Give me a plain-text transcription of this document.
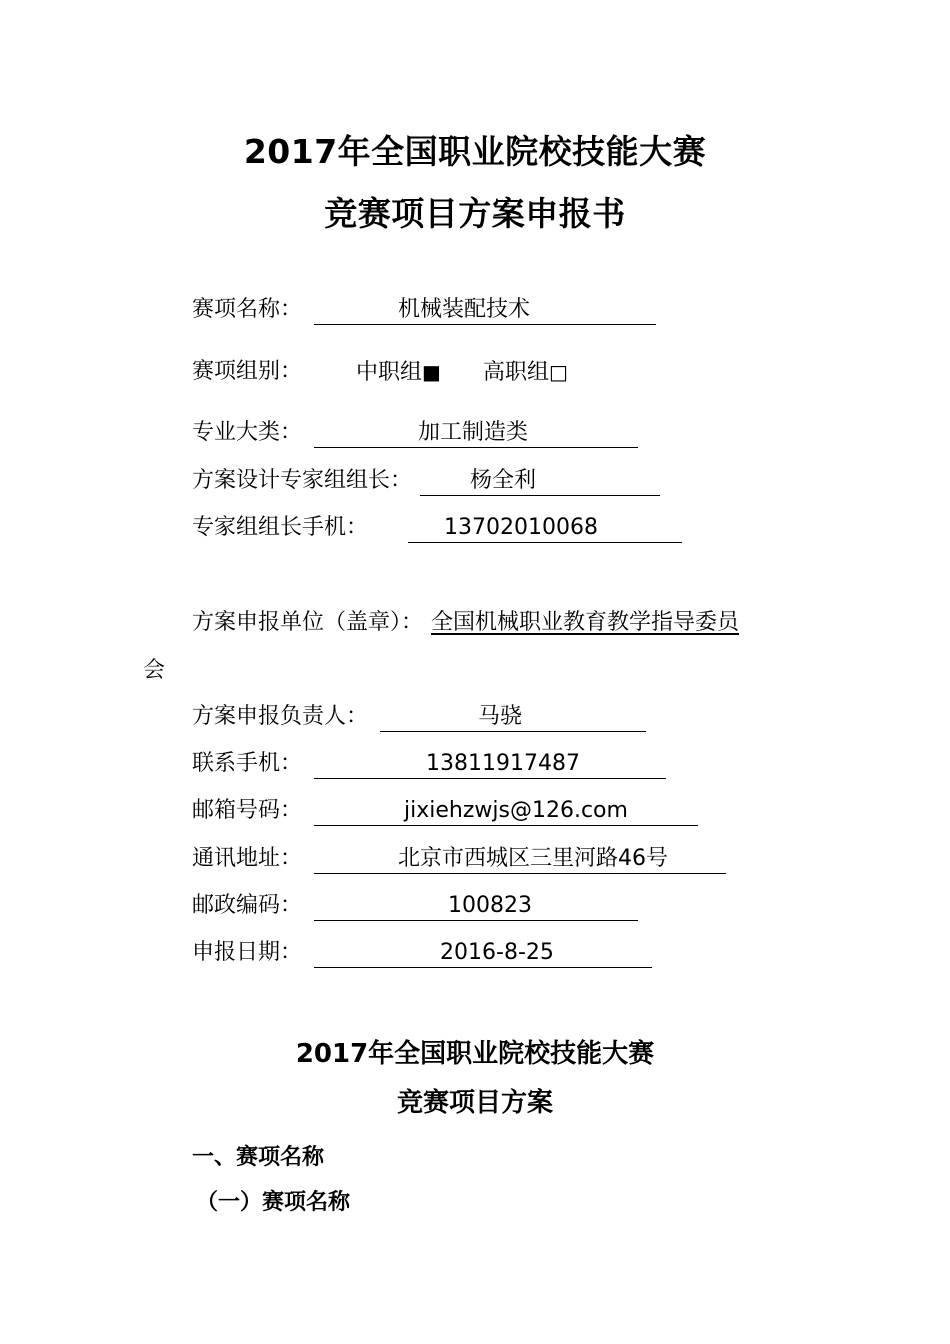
2017年全国职业院校技能大赛
竞赛项目方案申报书
赛项名称：	机械装配技术
赛项组别： 中职组■ 高职组□
专业大类：	加工制造类
方案设计专家组组长：	杨全利
专家组组长手机：	13702010068
方案申报单位（盖章）： 全国机械职业教育教学指导委员
会
方案申报负责人：	马骁
联系手机：	13811917487
邮箱号码：	jixiehzwjs@126.com
通讯地址：	北京市西城区三里河路46号
邮政编码：	100823
申报日期：	2016-8-25
2017年全国职业院校技能大赛
竞赛项目方案
一、赛项名称
（一）赛项名称
